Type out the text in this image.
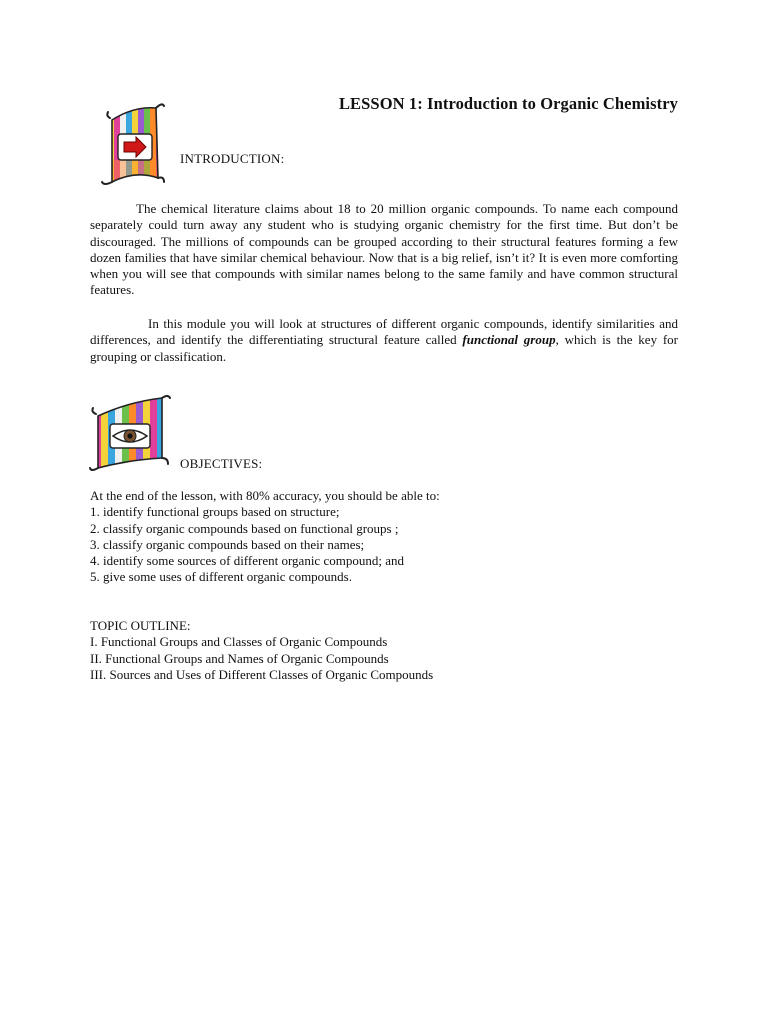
LESSON 1: Introduction to Organic Chemistry
INTRODUCTION:

The chemical literature claims about 18 to 20 million organic compounds. To name each compound separately could turn away any student who is studying organic chemistry for the first time. But don’t be discouraged. The millions of compounds can be grouped according to their structural features forming a few dozen families that have similar chemical behaviour. Now that is a big relief, isn’t it? It is even more comforting when you will see that compounds with similar names belong to the same family and have common structural features.

In this module you will look at structures of different organic compounds, identify similarities and differences, and identify the differentiating structural feature called functional group, which is the key for grouping or classification.

OBJECTIVES:
At the end of the lesson, with 80% accuracy, you should be able to:
1. identify functional groups based on structure;
2. classify organic compounds based on functional groups ;
3. classify organic compounds based on their names;
4. identify some sources of different organic compound; and
5. give some uses of different organic compounds.
TOPIC OUTLINE:
I. Functional Groups and Classes of Organic Compounds
II. Functional Groups and Names of Organic Compounds
III. Sources and Uses of Different Classes of Organic Compounds
